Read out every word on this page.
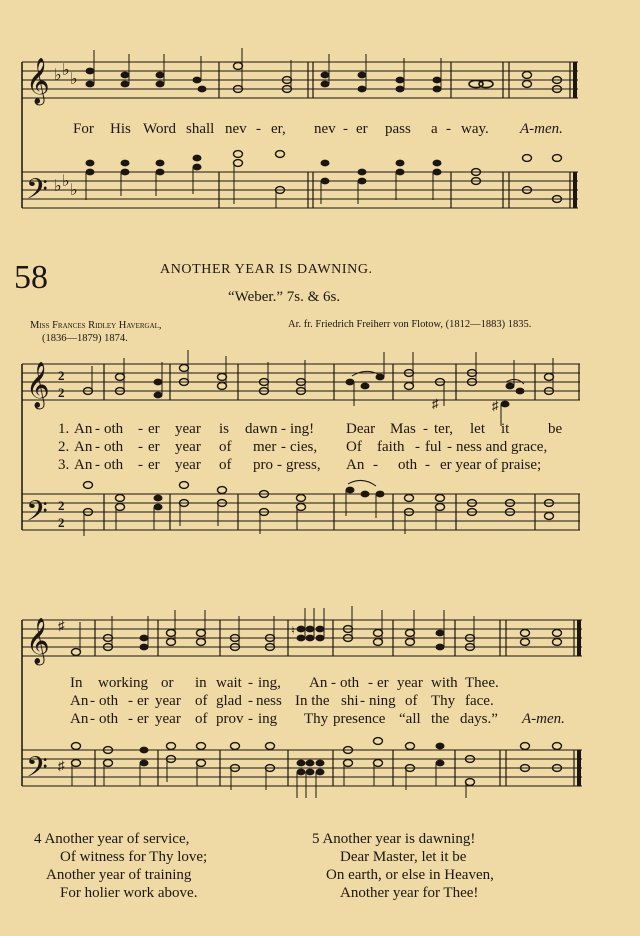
𝄞 ♭ ♭
♭
𝄢 ♭ ♭
♭
For His Word shall nev - er, nev - er pass a - way. A-men.
58	ANOTHER YEAR IS DAWNING.
“Weber.” 7s. & 6s.
Miss Frances Ridley Havergal,
(1836—1879) 1874.
Ar. fr. Friedrich Freiherr von Flotow, (1812—1883) 1835.
𝄞 2
2
𝄢 2
2
♯	♯
1. An - oth - er year is dawn - ing! Dear Mas - ter, let it	be
2. An - oth - er year of mer - cies, Of faith - ful - ness and grace,
3. An - oth - er year of pro - gress, An - oth - er year of praise;
𝄞 ♯
𝄢 ♯
♮
In working or in wait - ing, An - oth - er year with Thee.
An - oth - er year of glad - ness In the shi - ning of Thy face.
An - oth - er year of prov - ing Thy presence “all the days.” A-men.
4 Another year of service,
Of witness for Thy love;
Another year of training
For holier work above.
5 Another year is dawning!
Dear Master, let it be
On earth, or else in Heaven,
Another year for Thee!
